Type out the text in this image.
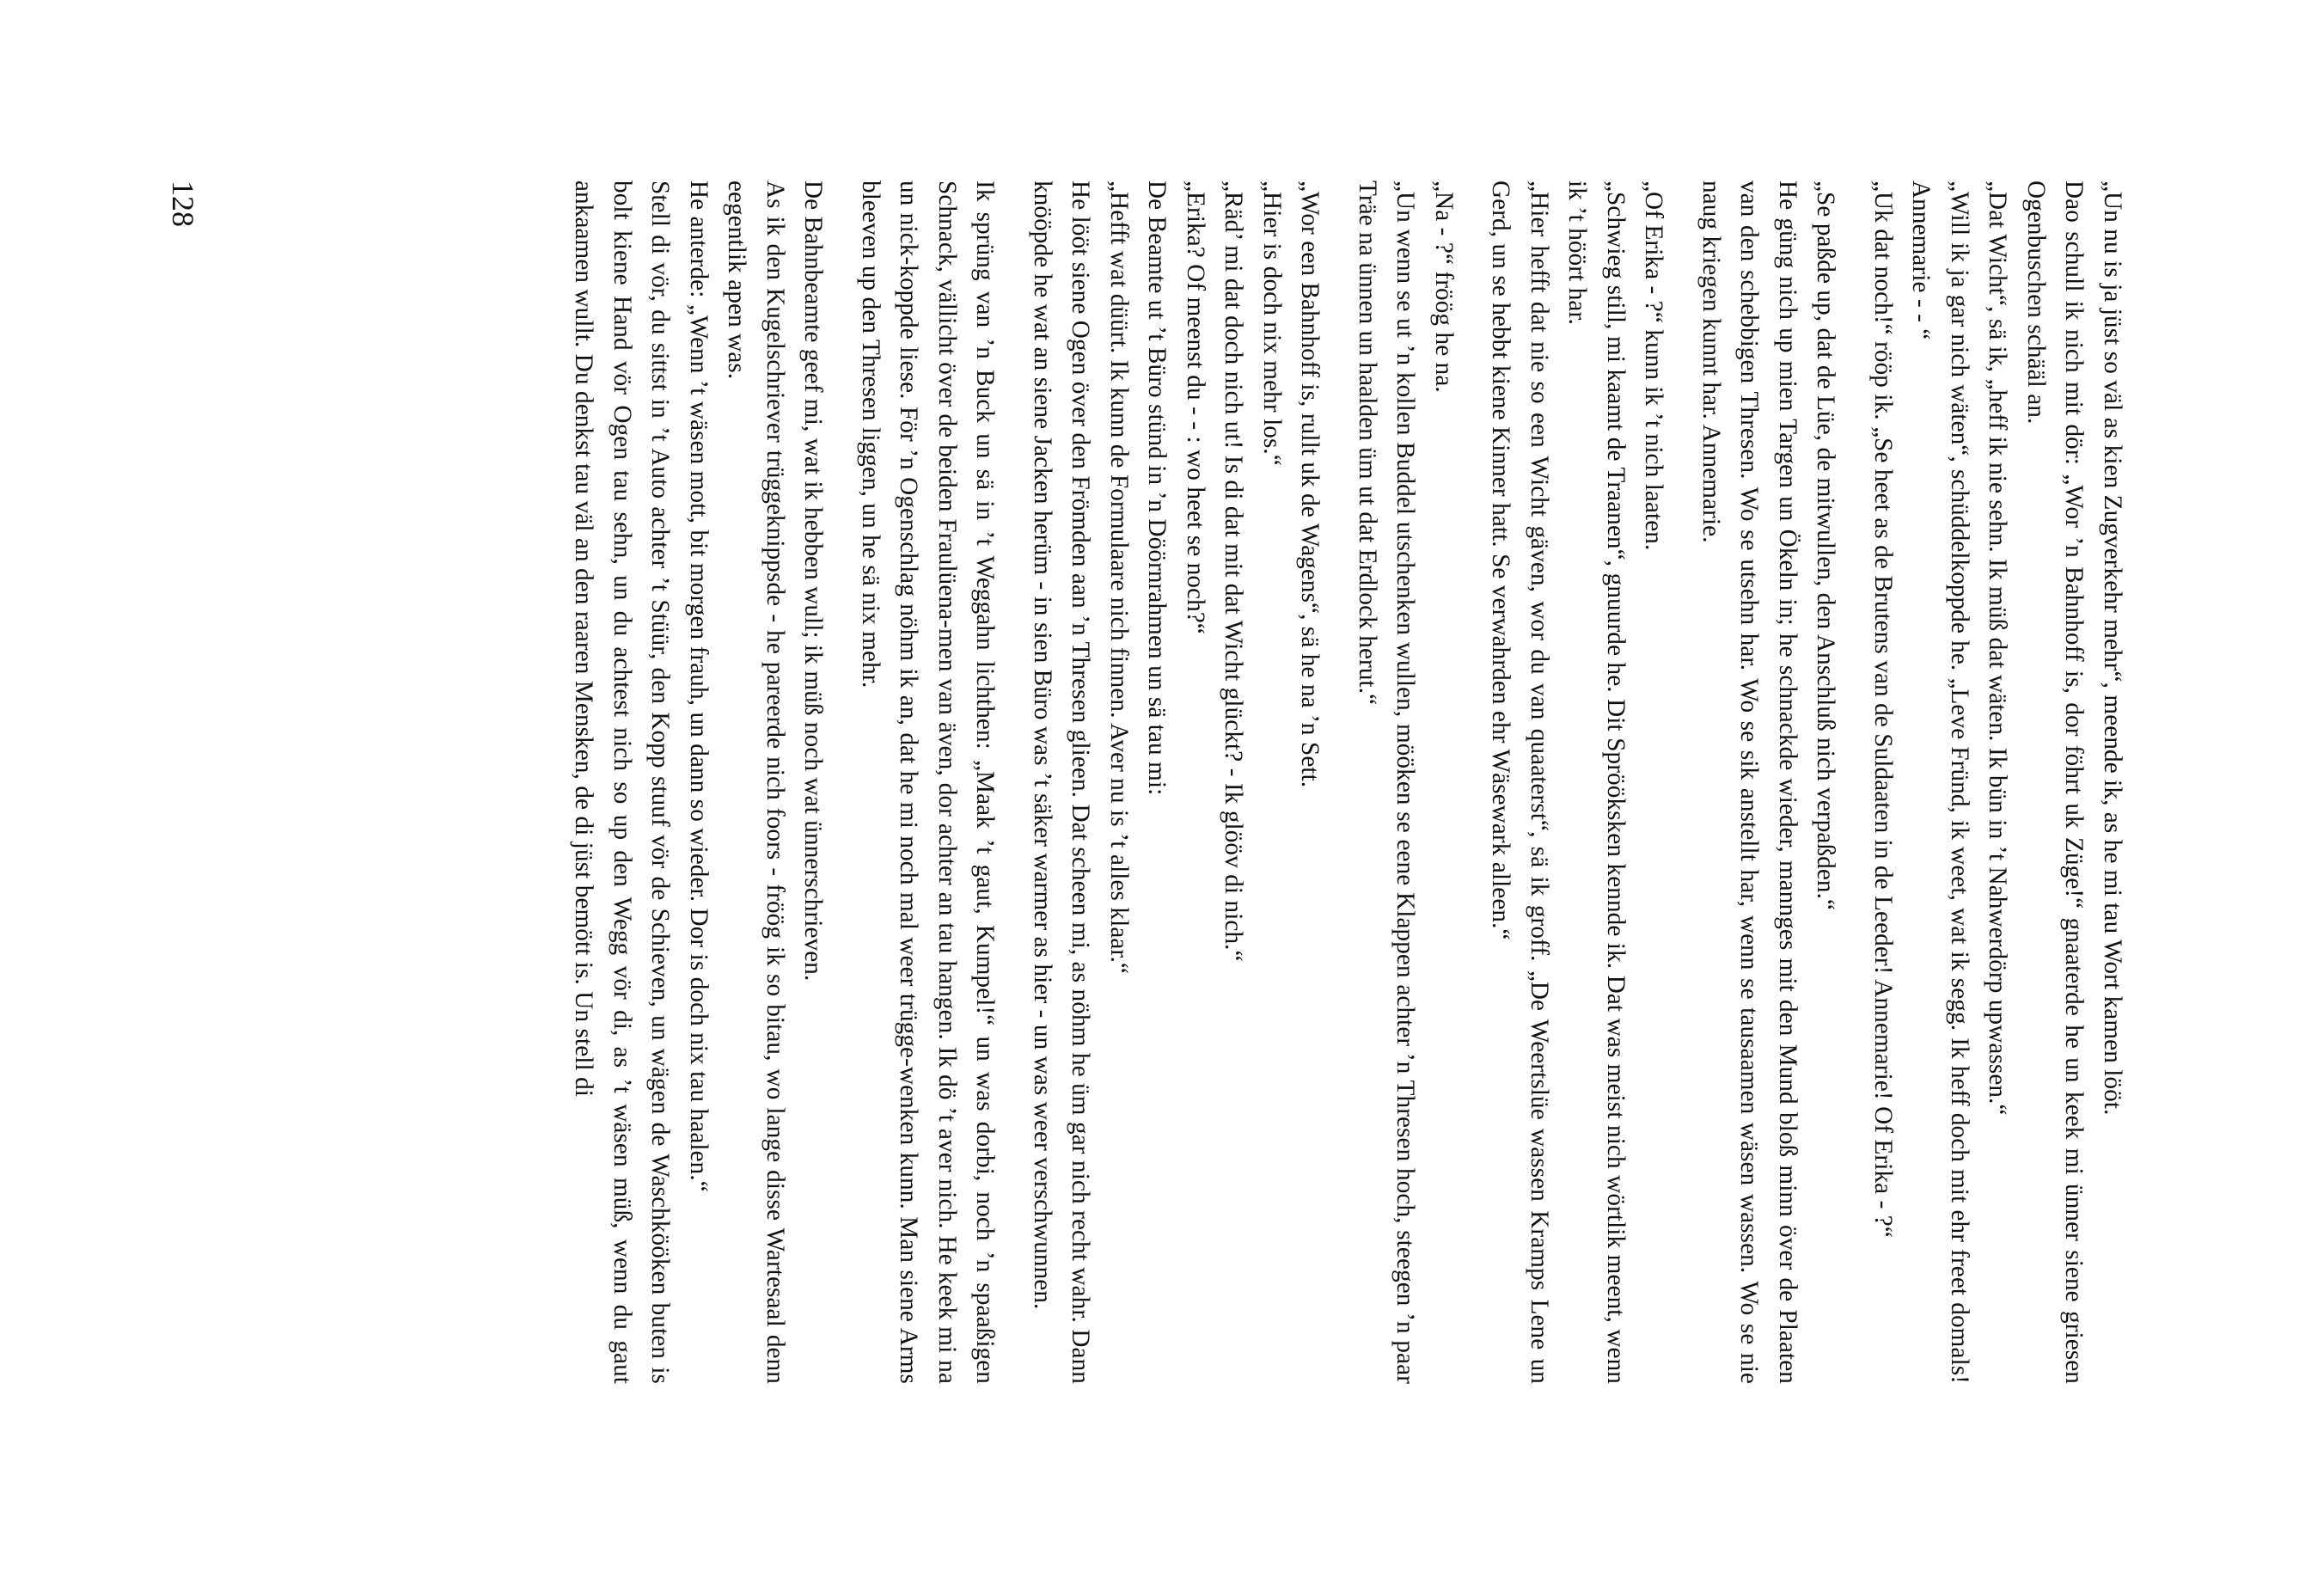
„Un nu is ja jüst so väl as kien Zugverkehr mehr“, meende ik, as he mi tau Wort kamen lööt.

Dao schull ik nich mit dör: „Wor ’n Bahnhoff is, dor föhrt uk Züge!“ gnaaterde he un keek mi ünner siene griesen Ogenbuschen schääl an.

„Dat Wicht“, sä ik, „heff ik nie sehn. Ik müß dat wäten. Ik bün in ’t Nahwerdörp upwassen.“

„Will ik ja gar nich wäten“, schüddelkoppde he. „Leve Fründ, ik weet, wat ik segg. Ik heff doch mit ehr freet domals! Annemarie - - “

„Uk dat noch!“ rööp ik. „Se heet as de Brutens van de Suldaaten in de Leeder! Annemarie! Of Erika - ?“

„Se paßde up, dat de Lüe, de mitwullen, den Anschluß nich verpaßden.“

He güng nich up mien Targen un Ökeln in; he schnackde wieder, mannges mit den Mund bloß minn över de Plaaten van den schebbigen Thresen. Wo se utsehn har. Wo se sik anstellt har, wenn se tausaamen wäsen wassen. Wo se nie naug kriegen kunnt har. Annemarie.

„Of Erika - ?“ kunn ik ’t nich laaten.

„Schwieg still, mi kaamt de Traanen“, gnuurde he. Dit Sprööksken kennde ik. Dat was meist nich wörtlik meent, wenn ik ’t höört har.

„Hier hefft dat nie so een Wicht gäven, wor du van quaaterst“, sä ik groff. „De Weertslüe wassen Kramps Lene un Gerd, un se hebbt kiene Kinner hatt. Se verwahrden ehr Wäsewark alleen.“

„Na - ?“ fröög he na.

„Un wenn se ut ’n kollen Buddel utschenken wullen, mööken se eene Klappen achter ’n Thresen hoch, steegen ’n paar Träe na ünnen un haalden üm ut dat Erdlock herut.“

„Wor een Bahnhoff is, rullt uk de Wagens“, sä he na ’n Sett.

„Hier is doch nix mehr los.“

„Räd’ mi dat doch nich ut! Is di dat mit dat Wicht glückt? - Ik glööv di nich.“

„Erika? Of meenst du - - : wo heet se noch?“

De Beamte ut ’t Büro stünd in ’n Döörnrahmen un sä tau mi:

„Hefft wat düürt. Ik kunn de Formulaare nich finnen. Aver nu is ’t alles klaar.“

He lööt siene Ogen över den Frömden aan ’n Thresen glieen. Dat scheen mi, as nöhm he üm gar nich recht wahr. Dann knööpde he wat an siene Jacken herüm - in sien Büro was ’t säker warmer as hier - un was weer verschwunnen.

Ik sprüng van ’n Buck un sä in ’t Weggahn lichthen: „Maak ’t gaut, Kumpel!“ un was dorbi, noch ’n spaaßigen Schnack, vällicht över de beiden Fraulüena-men van även, dor achter an tau hangen. Ik dö ’t aver nich. He keek mi na un nick-koppde liese. För ’n Ogenschlag nöhm ik an, dat he mi noch mal weer trügge-wenken kunn. Man siene Arms bleeven up den Thresen liggen, un he sä nix mehr.

De Bahnbeamte geef mi, wat ik hebben wull; ik müß noch wat ünnerschrieven.

As ik den Kugelschriever trüggeknippsde - he pareerde nich foors - fröög ik so bitau, wo lange disse Wartesaal denn eegentlik apen was.

He anterde: „Wenn ’t wäsen mott, bit morgen frauh, un dann so wieder. Dor is doch nix tau haalen.“

Stell di vör, du sittst in ’t Auto achter ’t Stüür, den Kopp stuuf vör de Schieven, un wägen de Waschkööken buten is bolt kiene Hand vör Ogen tau sehn, un du achtest nich so up den Wegg vör di, as ’t wäsen müß, wenn du gaut ankaamen wullt. Du denkst tau väl an den raaren Mensken, de di jüst bemött is. Un stell di

128
